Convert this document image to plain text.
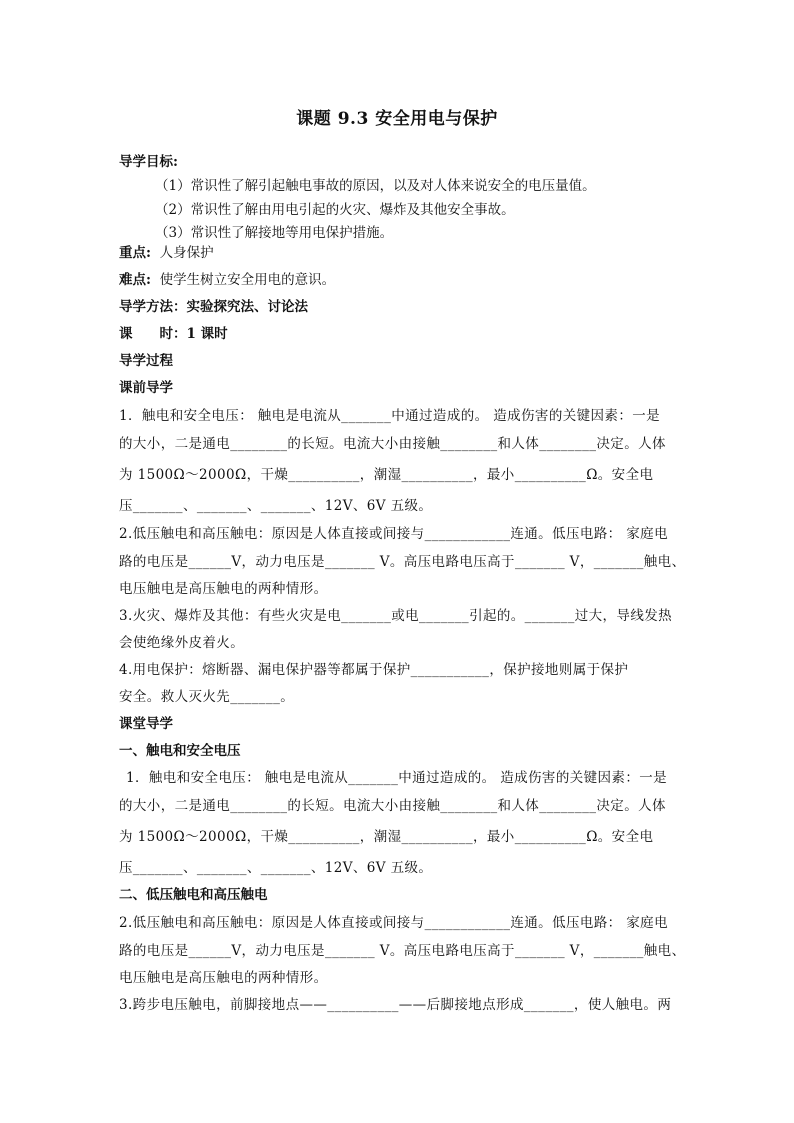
课题 9.3 安全用电与保护
导学目标:
（1）常识性了解引起触电事故的原因，以及对人体来说安全的电压量值。
（2）常识性了解由用电引起的火灾、爆炸及其他安全事故。
（3）常识性了解接地等用电保护措施。
重点: 人身保护
难点: 使学生树立安全用电的意识。
导学方法：实验探究法、讨论法
课　　时：1 课时
导学过程
课前导学
1．触电和安全电压： 触电是电流从_______中通过造成的。 造成伤害的关键因素：一是
的大小，二是通电________的长短。电流大小由接触________和人体________决定。人体
为 1500Ω～2000Ω，干燥__________，潮湿__________，最小__________Ω。安全电
压_______、_______、_______、12V、6V 五级。
2.低压触电和高压触电：原因是人体直接或间接与____________连通。低压电路： 家庭电
路的电压是______V，动力电压是_______ V。高压电路电压高于_______ V，_______触电、
电压触电是高压触电的两种情形。
3.火灾、爆炸及其他：有些火灾是电_______或电_______引起的。_______过大，导线发热
会使绝缘外皮着火。
4.用电保护：熔断器、漏电保护器等都属于保护___________，保护接地则属于保护
安全。救人灭火先_______。
课堂导学
一、触电和安全电压
1．触电和安全电压： 触电是电流从_______中通过造成的。 造成伤害的关键因素：一是
的大小，二是通电________的长短。电流大小由接触________和人体________决定。人体
为 1500Ω～2000Ω，干燥__________，潮湿__________，最小__________Ω。安全电
压_______、_______、_______、12V、6V 五级。
二、低压触电和高压触电
2.低压触电和高压触电：原因是人体直接或间接与____________连通。低压电路： 家庭电
路的电压是______V，动力电压是_______ V。高压电路电压高于_______ V，_______触电、
电压触电是高压触电的两种情形。
3.跨步电压触电，前脚接地点——__________——后脚接地点形成_______，使人触电。两
